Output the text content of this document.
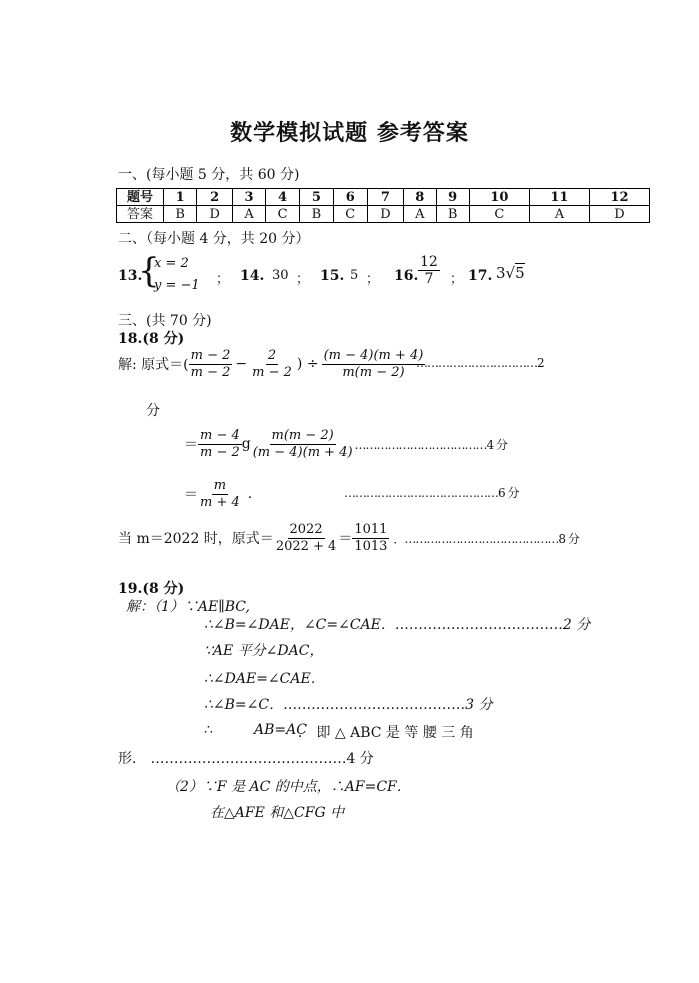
数学模拟试题 参考答案
一、(每小题 5 分，共 60 分)
题号	1	2	3	4	5	6	7	8	9	10	11	12
答案	B	D	A	C	B	C	D	A	B	C	A	D
二、（每小题 4 分，共 20 分）
13.
{
x = 2
y = −1 ； 14. 30 ； 15. 5 ； 16. $\frac{12}{7}$ ； 17. 3√5
三、(共 70 分)
18.(8 分)
解: 原式＝( $\frac{m - 2}{m - 2} - \frac{2}{m - 2}$ ) ÷ $\frac{(m - 4)(m + 4)}{m(m - 2)}$
……………………………2
分
＝ $\frac{m - 4}{m - 2}$ g $\frac{m(m - 2)}{(m - 4)(m + 4)}$ ………………………………4 分
＝ $\frac{m}{m + 4}$ .	……………………………………6 分
当 m＝2022 时，原式＝ $\frac{2022}{2022 + 4} = \frac{1011}{1013}$ ．……………………………………8 分
19.(8 分)
解：（1）∵AE∥BC,
∴∠B=∠DAE，∠C=∠CAE．………………………………2 分
∵AE 平分∠DAC，
∴∠DAE=∠CAE．
∴∠B=∠C．…………………………………3 分
∴	AB=AC
． 即 △ ABC 是 等 腰 三 角
形． ……………………………………4 分
（2）∵F 是 AC 的中点，∴AF=CF．
在△AFE 和△CFG 中
